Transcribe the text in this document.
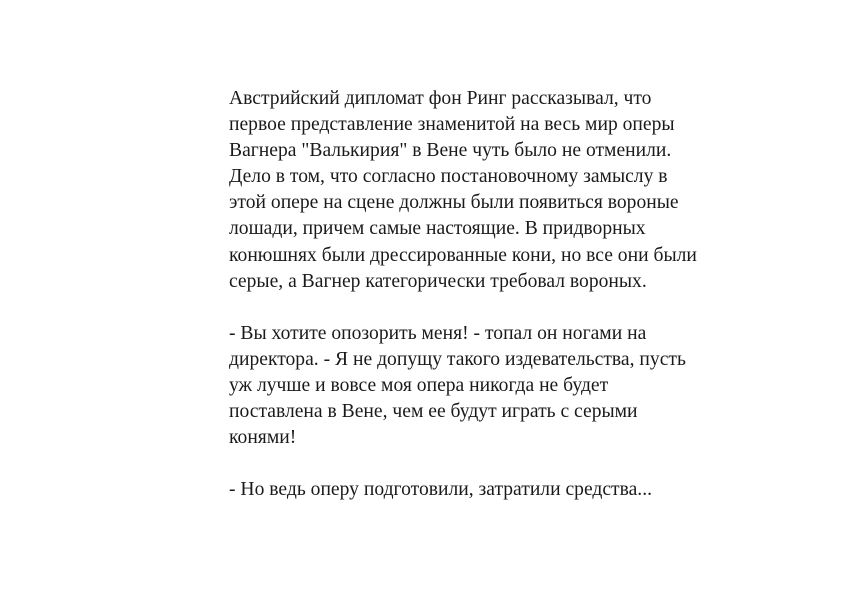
Австрийский дипломат фон Ринг рассказывал, что
первое представление знаменитой на весь мир оперы
Вагнера "Валькирия" в Вене чуть было не отменили.
Дело в том, что согласно постановочному замыслу в
этой опере на сцене должны были появиться вороные
лошади, причем самые настоящие. В придворных
конюшнях были дрессированные кони, но все они были
серые, а Вагнер категорически требовал вороных.

- Вы хотите опозорить меня! - топал он ногами на
директора. - Я не допущу такого издевательства, пусть
уж лучше и вовсе моя опера никогда не будет
поставлена в Вене, чем ее будут играть с серыми
конями!

- Но ведь оперу подготовили, затратили средства...
